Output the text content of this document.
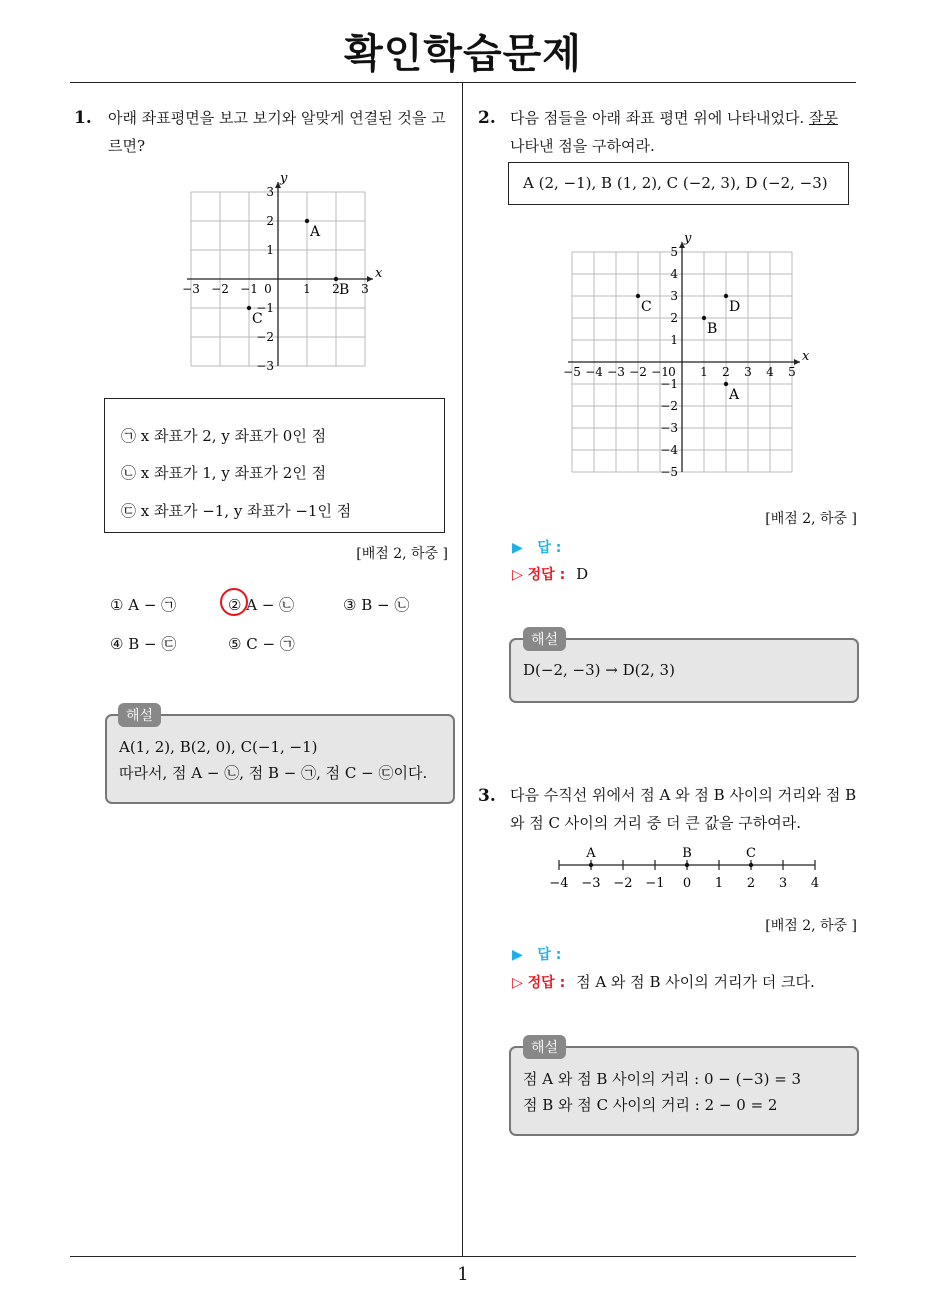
확인학습문제
1
1. 아래 좌표평면을 보고 보기와 알맞게 연결된 것을 고
르면?
x
y
−3 −2 −1 0	1 2 3
3
2
1
−1
−2
−3
A
B
C
㉠ x 좌표가 2, y 좌표가 0인 점
㉡ x 좌표가 1, y 좌표가 2인 점
㉢ x 좌표가 −1, y 좌표가 −1인 점
[배점 2, 하중 ]
① A − ㉠	② A − ㉡	③ B − ㉡
④ B − ㉢	⑤ C − ㉠
A(1, 2), B(2, 0), C(−1, −1)
따라서, 점 A − ㉡, 점 B − ㉠, 점 C − ㉢이다.
해설
2. 다음 점들을 아래 좌표 평면 위에 나타내었다. 잘못
나타낸 점을 구하여라.
A (2, −1), B (1, 2), C (−2, 3), D (−2, −3)
x
y
−5 −4 −3 −2 −1 0 1 2 3 4 5
5
4
3
2
1
−1
−2
−3
−4
−5
A
B
C	D
[배점 2, 하중 ]
▶ 답 :
▷ 정답 : D
D(−2, −3) → D(2, 3)
해설
3. 다음 수직선 위에서 점 A 와 점 B 사이의 거리와 점 B
와 점 C 사이의 거리 중 더 큰 값을 구하여라.
−4 −3 −2 −1 0 1 2 3 4
A	B	C
[배점 2, 하중 ]
▶ 답 :
▷ 정답 : 점 A 와 점 B 사이의 거리가 더 크다.
점 A 와 점 B 사이의 거리 : 0 − (−3) = 3
점 B 와 점 C 사이의 거리 : 2 − 0 = 2
해설
